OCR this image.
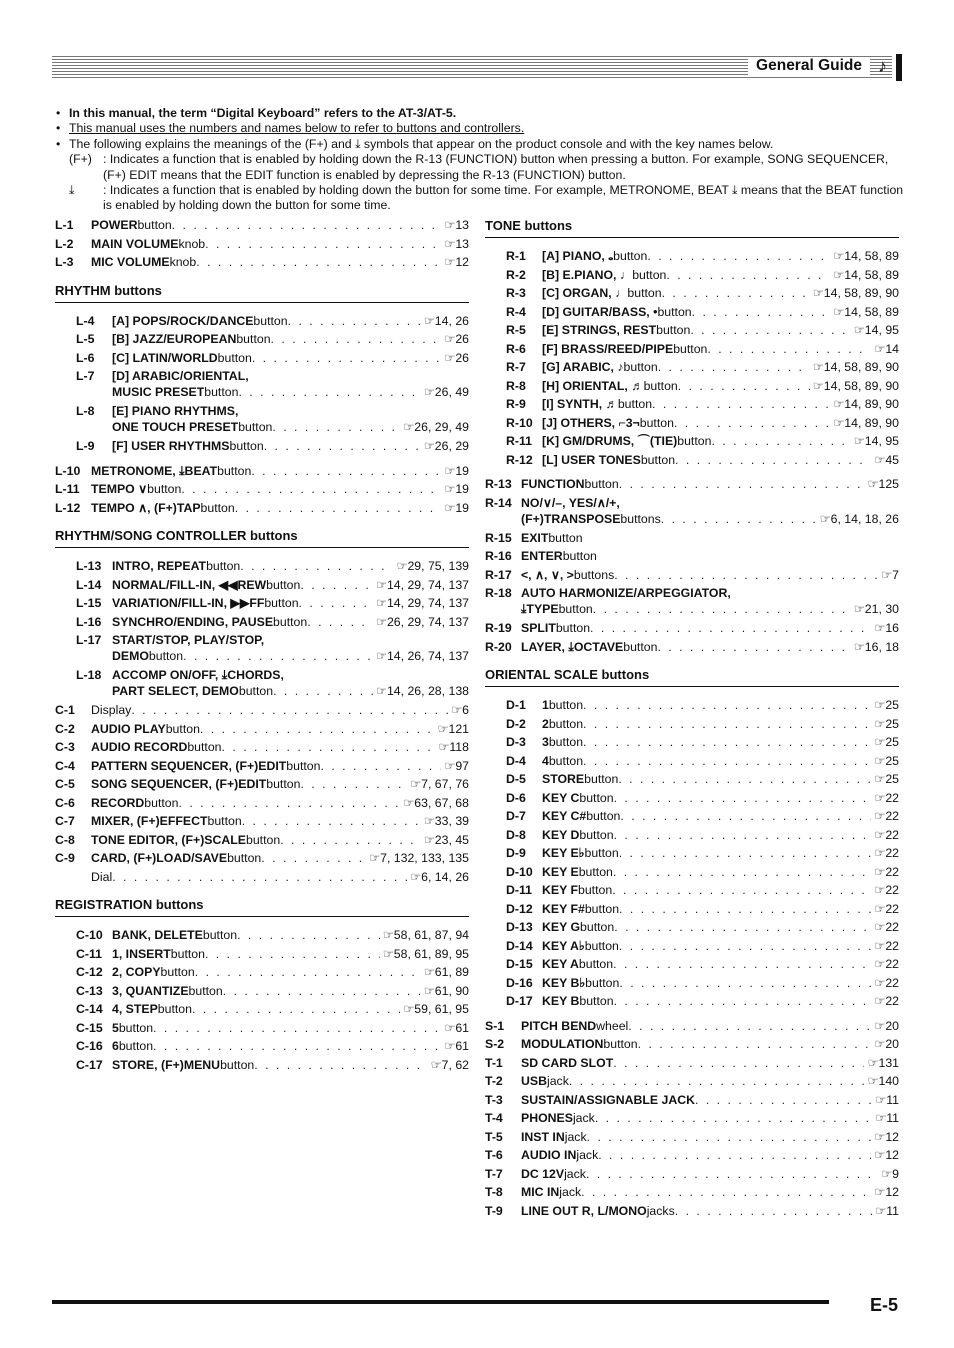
General Guide ♪
• In this manual, the term “Digital Keyboard” refers to the AT-3/AT-5.
• This manual uses the numbers and names below to refer to buttons and controllers.
• The following explains the meanings of the (F+) and ⤓ symbols that appear on the product console and with the key names below.
(F+) : Indicates a function that is enabled by holding down the R-13 (FUNCTION) button when pressing a button. For example, SONG SEQUENCER, (F+) EDIT means that the EDIT function is enabled by depressing the R-13 (FUNCTION) button.
⤓	: Indicates a function that is enabled by holding down the button for some time. For example, METRONOME, BEAT ⤓ means that the BEAT function is enabled by holding down the button for some time.
L-1	POWER button . . .	☞13
L-2	MAIN VOLUME knob . . .	☞13
L-3	MIC VOLUME knob . . .	☞12
RHYTHM buttons
L-4	[A] POPS/ROCK/DANCE button . . .	☞14, 26
L-5	[B] JAZZ/EUROPEAN button . . .	☞26
L-6	[C] LATIN/WORLD button . . .	☞26
L-7	[D] ARABIC/ORIENTAL,
MUSIC PRESET button . . .	☞26, 49
L-8	[E] PIANO RHYTHMS,
ONE TOUCH PRESET button . . .	☞26, 29, 49
L-9	[F] USER RHYTHMS button . . .	☞26, 29
L-10 METRONOME, ⤓BEAT button . . .	☞19
L-11 TEMPO ∨ button . . .	☞19
L-12 TEMPO ∧, (F+)TAP button . . .	☞19
RHYTHM/SONG CONTROLLER buttons
L-13 INTRO, REPEAT button . . .	☞29, 75, 139
L-14 NORMAL/FILL-IN, ◀◀REW button . . .	☞14, 29, 74, 137
L-15 VARIATION/FILL-IN, ▶▶FF button . . .	☞14, 29, 74, 137
L-16 SYNCHRO/ENDING, PAUSE button . . .	☞26, 29, 74, 137
L-17 START/STOP, PLAY/STOP,
DEMO button . . .	☞14, 26, 74, 137
L-18 ACCOMP ON/OFF, ⤓CHORDS,
PART SELECT, DEMO button . . .	☞14, 26, 28, 138
C-1	Display . . .	☞6
C-2	AUDIO PLAY button . . .	☞121
C-3	AUDIO RECORD button . . .	☞118
C-4	PATTERN SEQUENCER, (F+)EDIT button . . .	☞97
C-5	SONG SEQUENCER, (F+)EDIT button . . .	☞7, 67, 76
C-6	RECORD button . . .	☞63, 67, 68
C-7	MIXER, (F+)EFFECT button . . .	☞33, 39
C-8	TONE EDITOR, (F+)SCALE button . . .	☞23, 45
C-9	CARD, (F+)LOAD/SAVE button . . .	☞7, 132, 133, 135
Dial . . .	☞6, 14, 26
REGISTRATION buttons
C-10 BANK, DELETE button . . .	☞58, 61, 87, 94
C-11 1, INSERT button . . .	☞58, 61, 89, 95
C-12 2, COPY button . . .	☞61, 89
C-13 3, QUANTIZE button . . .	☞61, 90
C-14 4, STEP button . . .	☞59, 61, 95
C-15 5 button . . .	☞61
C-16 6 button . . .	☞61
C-17 STORE, (F+)MENU button . . .	☞7, 62
TONE buttons
R-1	[A] PIANO, 𝅝 button . . .	☞14, 58, 89
R-2	[B] E.PIANO, ♩ button . . .	☞14, 58, 89
R-3	[C] ORGAN, ♩ button . . .	☞14, 58, 89, 90
R-4	[D] GUITAR/BASS, • button . . .	☞14, 58, 89
R-5	[E] STRINGS, REST button . . .	☞14, 95
R-6	[F] BRASS/REED/PIPE button . . .	☞14
R-7	[G] ARABIC, ♪ button . . .	☞14, 58, 89, 90
R-8	[H] ORIENTAL, ♬ button . . .	☞14, 58, 89, 90
R-9	[I] SYNTH, ♬ button . . .	☞14, 89, 90
R-10 [J] OTHERS, ⌐3¬ button . . .	☞14, 89, 90
R-11 [K] GM/DRUMS, ⌒(TIE) button . . .	☞14, 95
R-12 [L] USER TONES button . . .	☞45
R-13 FUNCTION button . . .	☞125
R-14 NO/∨/–, YES/∧/+,
(F+)TRANSPOSE buttons . . .	☞6, 14, 18, 26
R-15 EXIT button
R-16 ENTER button
R-17 <, ∧, ∨, > buttons . . .	☞7
R-18 AUTO HARMONIZE/ARPEGGIATOR,
⤓TYPE button . . .	☞21, 30
R-19 SPLIT button . . .	☞16
R-20 LAYER, ⤓OCTAVE button . . .	☞16, 18
ORIENTAL SCALE buttons
D-1	1 button . . .	☞25
D-2	2 button . . .	☞25
D-3	3 button . . .	☞25
D-4	4 button . . .	☞25
D-5	STORE button . . .	☞25
D-6	KEY C button . . .	☞22
D-7	KEY C# button . . .	☞22
D-8	KEY D button . . .	☞22
D-9	KEY E♭ button . . .	☞22
D-10 KEY E button . . .	☞22
D-11 KEY F button . . .	☞22
D-12 KEY F# button . . .	☞22
D-13 KEY G button . . .	☞22
D-14 KEY A♭ button . . .	☞22
D-15 KEY A button . . .	☞22
D-16 KEY B♭ button . . .	☞22
D-17 KEY B button . . .	☞22
S-1	PITCH BEND wheel . . .	☞20
S-2	MODULATION button . . .	☞20
T-1	SD CARD SLOT . . .	☞131
T-2	USB jack . . .	☞140
T-3	SUSTAIN/ASSIGNABLE JACK . . .	☞11
T-4	PHONES jack . . .	☞11
T-5	INST IN jack . . .	☞12
T-6	AUDIO IN jack . . .	☞12
T-7	DC 12V jack . . .	☞9
T-8	MIC IN jack . . .	☞12
T-9	LINE OUT R, L/MONO jacks . . .	☞11
E-5
